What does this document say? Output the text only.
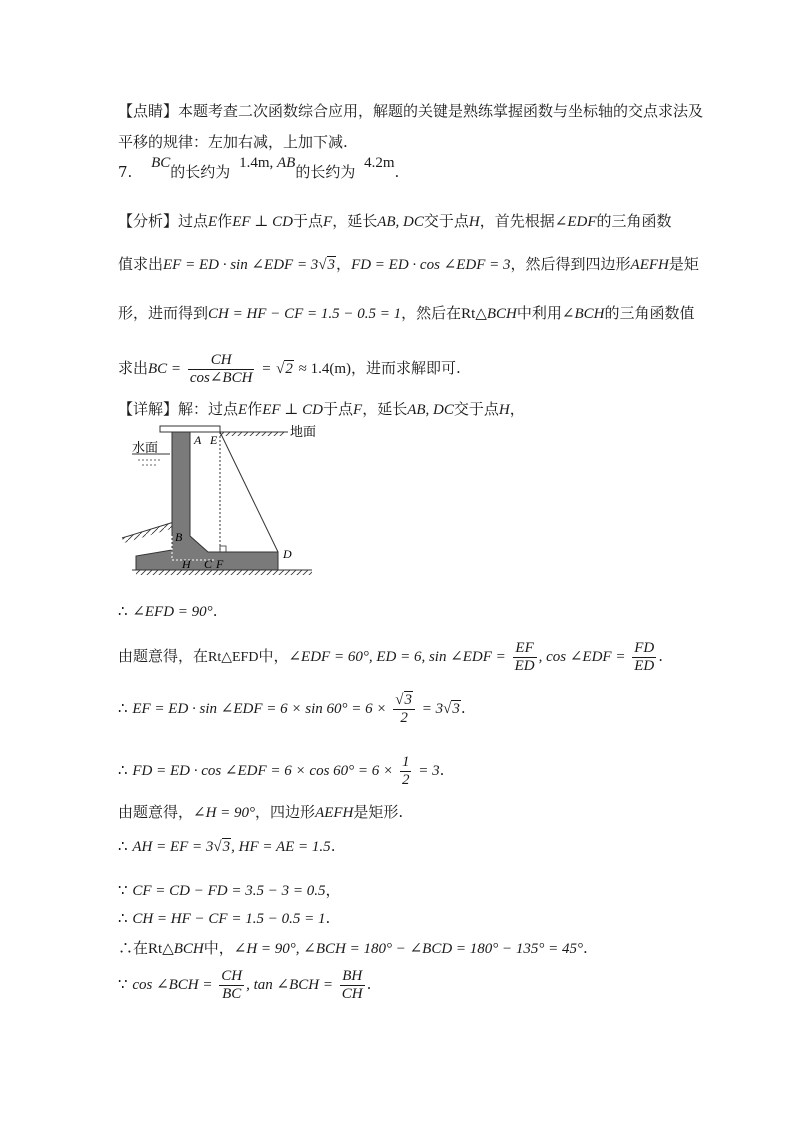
【点睛】本题考查二次函数综合应用，解题的关键是熟练掌握函数与坐标轴的交点求法及
平移的规律：左加右减，上加下减.
7. BC的长约为 1.4m, AB的长约为 4.2m.
【分析】过点E作EF ⊥ CD于点F，延长AB, DC交于点H，首先根据∠EDF的三角函数
值求出EF = ED · sin ∠EDF = 3√3，FD = ED · cos ∠EDF = 3，然后得到四边形AEFH是矩
形，进而得到CH = HF − CF = 1.5 − 0.5 = 1，然后在Rt△BCH中利用∠BCH的三角函数值
求出BC = $\frac{CH}{\text{cos∠BCH}} = √2 \approx 1.4(m)$，进而求解即可.
【详解】解：过点E作EF ⊥ CD于点F，延长AB, DC交于点H，
A E
地面
水面
B
H C F
D
∴ ∠EFD = 90°.
由题意得，在Rt△EFD中，∠EDF = 60°, ED = 6, sin ∠EDF = $\frac{EF}{ED}$ , cos ∠EDF = $\frac{FD}{ED}$ .
∴ EF = ED · sin ∠EDF = $6 \times \sin 60^\circ = 6 \times \frac{√3}{2} = 3√3$.
∴ FD = ED · cos ∠EDF = $6 \times \cos 60^\circ = 6 \times \frac{1}{2} = 3$.
由题意得，∠H = 90°，四边形AEFH是矩形.
∴ AH = EF = 3√3, HF = AE = 1.5.
∵ CF = CD − FD = 3.5 − 3 = 0.5，
∴ CH = HF − CF = 1.5 − 0.5 = 1.
∴在Rt△BCH中，∠H = 90°, ∠BCH = 180° − ∠BCD = 180° − 135° = 45°.
∵ cos ∠BCH = $\frac{CH}{BC}$ , tan ∠BCH = $\frac{BH}{CH}$ .
